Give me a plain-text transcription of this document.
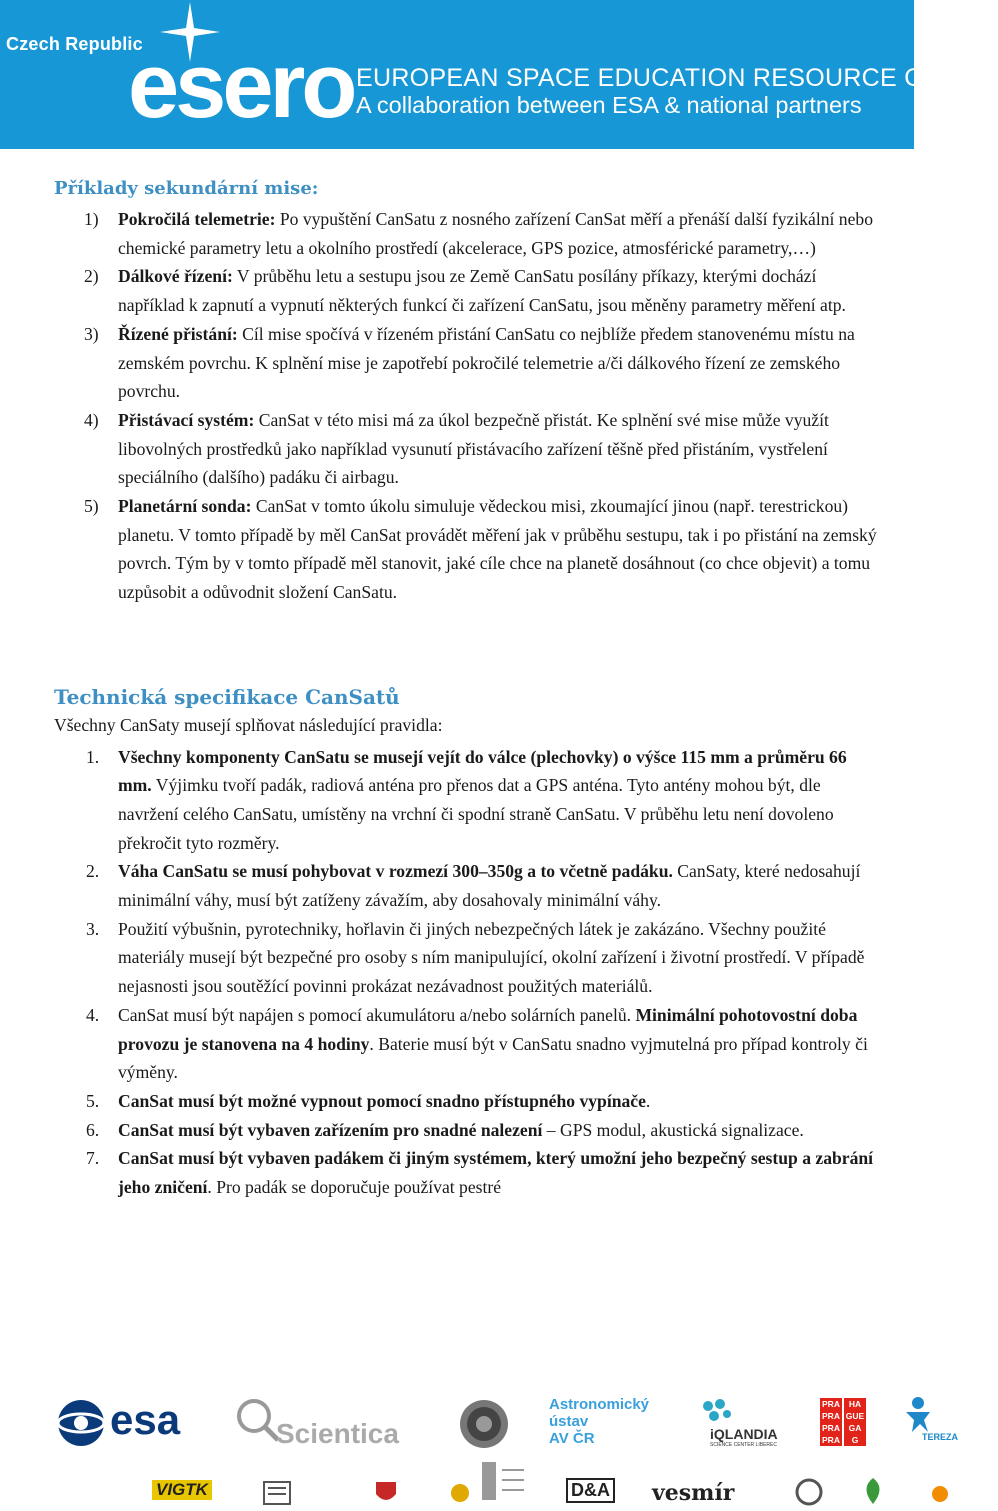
Czech Republic
esero EUROPEAN SPACE EDUCATION RESOURCE OFFICE
A collaboration between ESA & national partners
Příklady sekundární mise:
1) Pokročilá telemetrie: Po vypuštění CanSatu z nosného zařízení CanSat měří a přenáší další fyzikální nebo chemické parametry letu a okolního prostředí (akcelerace, GPS pozice, atmosférické parametry,…)
2) Dálkové řízení: V průběhu letu a sestupu jsou ze Země CanSatu posílány příkazy, kterými dochází například k zapnutí a vypnutí některých funkcí či zařízení CanSatu, jsou měněny parametry měření atp.
3) Řízené přistání: Cíl mise spočívá v řízeném přistání CanSatu co nejblíže předem stanovenému místu na zemském povrchu. K splnění mise je zapotřebí pokročilé telemetrie a/či dálkového řízení ze zemského povrchu.
4) Přistávací systém: CanSat v této misi má za úkol bezpečně přistát. Ke splnění své mise může využít libovolných prostředků jako například vysunutí přistávacího zařízení těšně před přistáním, vystřelení speciálního (dalšího) padáku či airbagu.
5) Planetární sonda: CanSat v tomto úkolu simuluje vědeckou misi, zkoumající jinou (např. terestrickou) planetu. V tomto případě by měl CanSat provádět měření jak v průběhu sestupu, tak i po přistání na zemský povrch. Tým by v tomto případě měl stanovit, jaké cíle chce na planetě dosáhnout (co chce objevit) a tomu uzpůsobit a odůvodnit složení CanSatu.
Technická specifikace CanSatů

Všechny CanSaty musejí splňovat následující pravidla:

1. Všechny komponenty CanSatu se musejí vejít do válce (plechovky) o výšce 115 mm a průměru 66 mm. Výjimku tvoří padák, radiová anténa pro přenos dat a GPS anténa. Tyto antény mohou být, dle navržení celého CanSatu, umístěny na vrchní či spodní straně CanSatu. V průběhu letu není dovoleno překročit tyto rozměry.
2. Váha CanSatu se musí pohybovat v rozmezí 300–350g a to včetně padáku. CanSaty, které nedosahují minimální váhy, musí být zatíženy závažím, aby dosahovaly minimální váhy.
3. Použití výbušnin, pyrotechniky, hořlavin či jiných nebezpečných látek je zakázáno. Všechny použité materiály musejí být bezpečné pro osoby s ním manipulující, okolní zařízení i životní prostředí. V případě nejasnosti jsou soutěžící povinni prokázat nezávadnost použitých materiálů.
4. CanSat musí být napájen s pomocí akumulátoru a/nebo solárních panelů. Minimální pohotovostní doba provozu je stanovena na 4 hodiny. Baterie musí být v CanSatu snadno vyjmutelná pro případ kontroly či výměny.
5. CanSat musí být možné vypnout pomocí snadno přístupného vypínače.
6. CanSat musí být vybaven zařízením pro snadné nalezení – GPS modul, akustická signalizace.
7. CanSat musí být vybaven padákem či jiným systémem, který umožní jeho bezpečný sestup a zabrání jeho zničení. Pro padák se doporučuje používat pestré
esa	Scientica
Astronomický
ústav
AV ČR	iQLANDIA
SCIENCE CENTER LIBEREC
PRA
PRA
PRA
PRA
HA
GUE
GA
G	TEREZA
VIGTK	D&A vesmír
